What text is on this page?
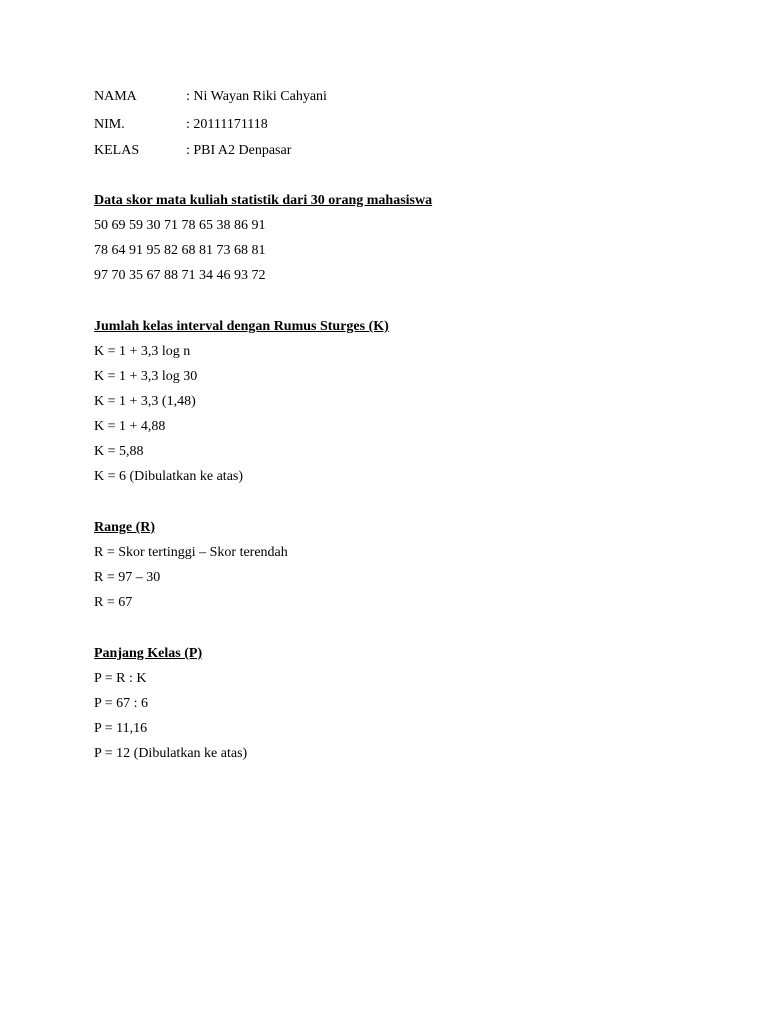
NAMA	: Ni Wayan Riki Cahyani
NIM.	: 20111171118
KELAS	: PBI A2 Denpasar
Data skor mata kuliah statistik dari 30 orang mahasiswa
50 69 59 30 71 78 65 38 86 91
78 64 91 95 82 68 81 73 68 81
97 70 35 67 88 71 34 46 93 72
Jumlah kelas interval dengan Rumus Sturges (K)
K = 1 + 3,3 log n
K = 1 + 3,3 log 30
K = 1 + 3,3 (1,48)
K = 1 + 4,88
K = 5,88
K = 6 (Dibulatkan ke atas)
Range (R)
R = Skor tertinggi – Skor terendah
R = 97 – 30
R = 67
Panjang Kelas (P)
P = R : K
P = 67 : 6
P = 11,16
P = 12 (Dibulatkan ke atas)
